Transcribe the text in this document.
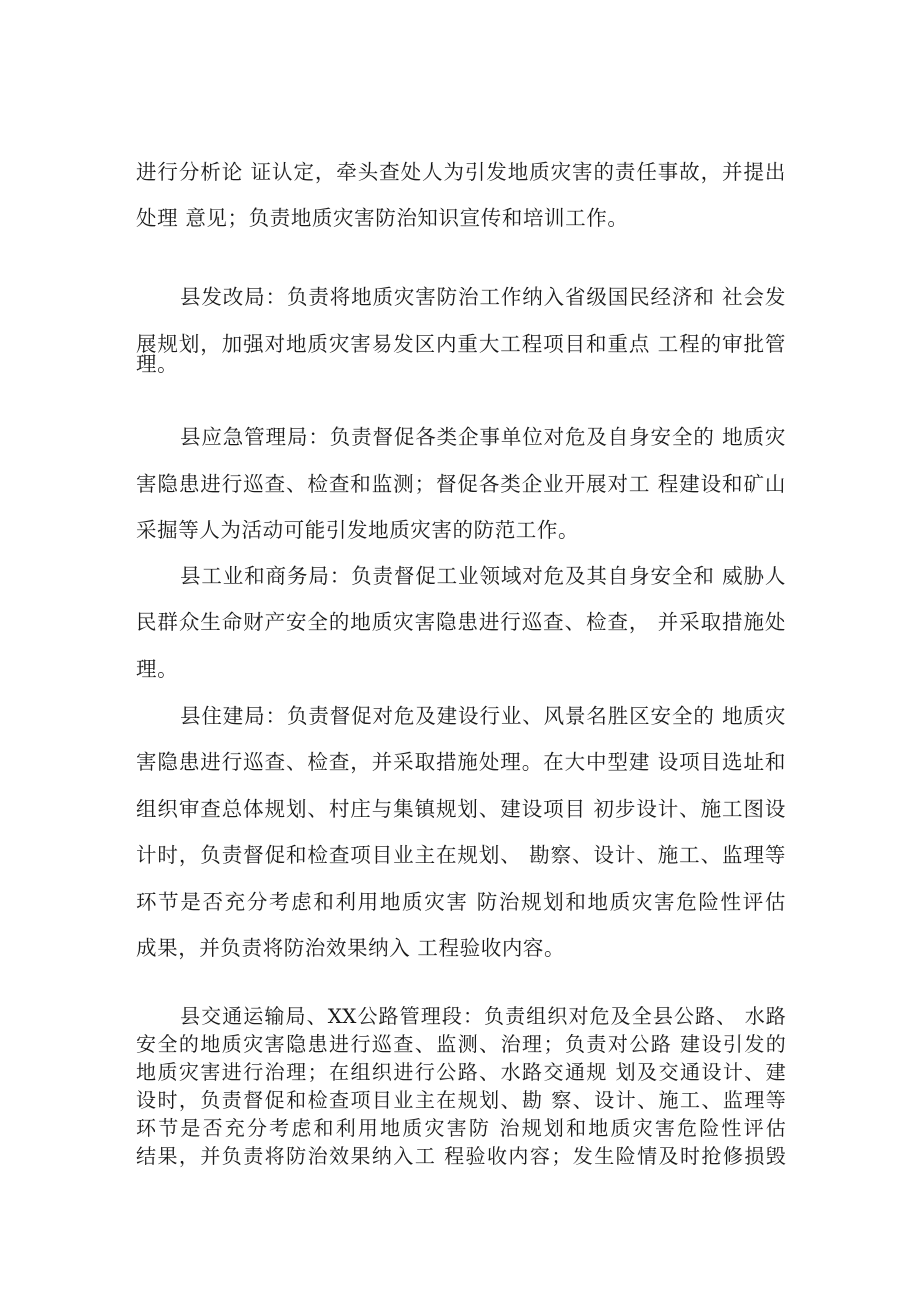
进行分析论 证认定，牵头查处人为引发地质灾害的责任事故，并提出
处理 意见；负责地质灾害防治知识宣传和培训工作。
县发改局：负责将地质灾害防治工作纳入省级国民经济和 社会发
展规划，加强对地质灾害易发区内重大工程项目和重点 工程的审批管
理。
县应急管理局：负责督促各类企事单位对危及自身安全的 地质灾
害隐患进行巡查、检查和监测；督促各类企业开展对工 程建设和矿山
采掘等人为活动可能引发地质灾害的防范工作。
县工业和商务局：负责督促工业领域对危及其自身安全和 威胁人
民群众生命财产安全的地质灾害隐患进行巡查、检查， 并采取措施处
理。
县住建局：负责督促对危及建设行业、风景名胜区安全的 地质灾
害隐患进行巡查、检查，并采取措施处理。在大中型建 设项目选址和
组织审查总体规划、村庄与集镇规划、建设项目 初步设计、施工图设
计时，负责督促和检查项目业主在规划、 勘察、设计、施工、监理等
环节是否充分考虑和利用地质灾害 防治规划和地质灾害危险性评估
成果，并负责将防治效果纳入 工程验收内容。
县交通运输局、XX公路管理段：负责组织对危及全县公路、 水路
安全的地质灾害隐患进行巡查、监测、治理；负责对公路 建设引发的
地质灾害进行治理；在组织进行公路、水路交通规 划及交通设计、建
设时，负责督促和检查项目业主在规划、勘 察、设计、施工、监理等
环节是否充分考虑和利用地质灾害防 治规划和地质灾害危险性评估
结果，并负责将防治效果纳入工 程验收内容；发生险情及时抢修损毁
